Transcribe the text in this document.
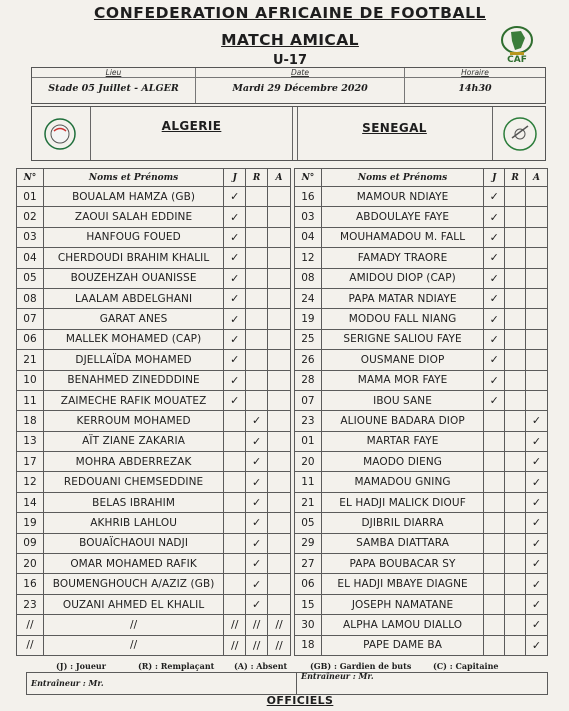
CONFEDERATION AFRICAINE DE FOOTBALL
MATCH AMICAL
U-17	CAF
Lieu	Date	Horaire
Stade 05 Juillet - ALGER	Mardi 29 Décembre 2020	14h30
ALGERIE	SENEGAL
N°	Noms et Prénoms	J	R	A
01	BOUALAM HAMZA (GB)	✓		
02	ZAOUI SALAH EDDINE	✓		
03	HANFOUG FOUED	✓		
04	CHERDOUDI BRAHIM KHALIL	✓		
05	BOUZEHZAH OUANISSE	✓		
08	LAALAM ABDELGHANI	✓		
07	GARAT ANES	✓		
06	MALLEK MOHAMED (CAP)	✓		
21	DJELLAÏDA MOHAMED	✓		
10	BENAHMED ZINEDDDINE	✓		
11	ZAIMECHE RAFIK MOUATEZ	✓		
18	KERROUM MOHAMED		✓	
13	AÏT ZIANE ZAKARIA		✓	
17	MOHRA ABDERREZAK		✓	
12	REDOUANI CHEMSEDDINE		✓	
14	BELAS IBRAHIM		✓	
19	AKHRIB LAHLOU		✓	
09	BOUAÏCHAOUI NADJI		✓	
20	OMAR MOHAMED RAFIK		✓	
16	BOUMENGHOUCH A/AZIZ (GB)		✓	
23	OUZANI AHMED EL KHALIL		✓	
//	//	//	//	//
//	//	//	//	//
N°	Noms et Prénoms	J	R	A
16	MAMOUR NDIAYE	✓		
03	ABDOULAYE FAYE	✓		
04	MOUHAMADOU M. FALL	✓		
12	FAMADY TRAORE	✓		
08	AMIDOU DIOP (CAP)	✓		
24	PAPA MATAR NDIAYE	✓		
19	MODOU FALL NIANG	✓		
25	SERIGNE SALIOU FAYE	✓		
26	OUSMANE DIOP	✓		
28	MAMA MOR FAYE	✓		
07	IBOU SANE	✓		
23	ALIOUNE BADARA DIOP			✓
01	MARTAR FAYE			✓
20	MAODO DIENG			✓
11	MAMADOU GNING			✓
21	EL HADJI MALICK DIOUF			✓
05	DJIBRIL DIARRA			✓
29	SAMBA DIATTARA			✓
27	PAPA BOUBACAR SY			✓
06	EL HADJI MBAYE DIAGNE			✓
15	JOSEPH NAMATANE			✓
30	ALPHA LAMOU DIALLO			✓
18	PAPE DAME BA			✓
(J) : Joueur	(R) : Remplaçant (A) : Absent	(GB) : Gardien de buts	(C) : Capitaine
Entraîneur : Mr.
Entraîneur : Mr.
OFFICIELS
